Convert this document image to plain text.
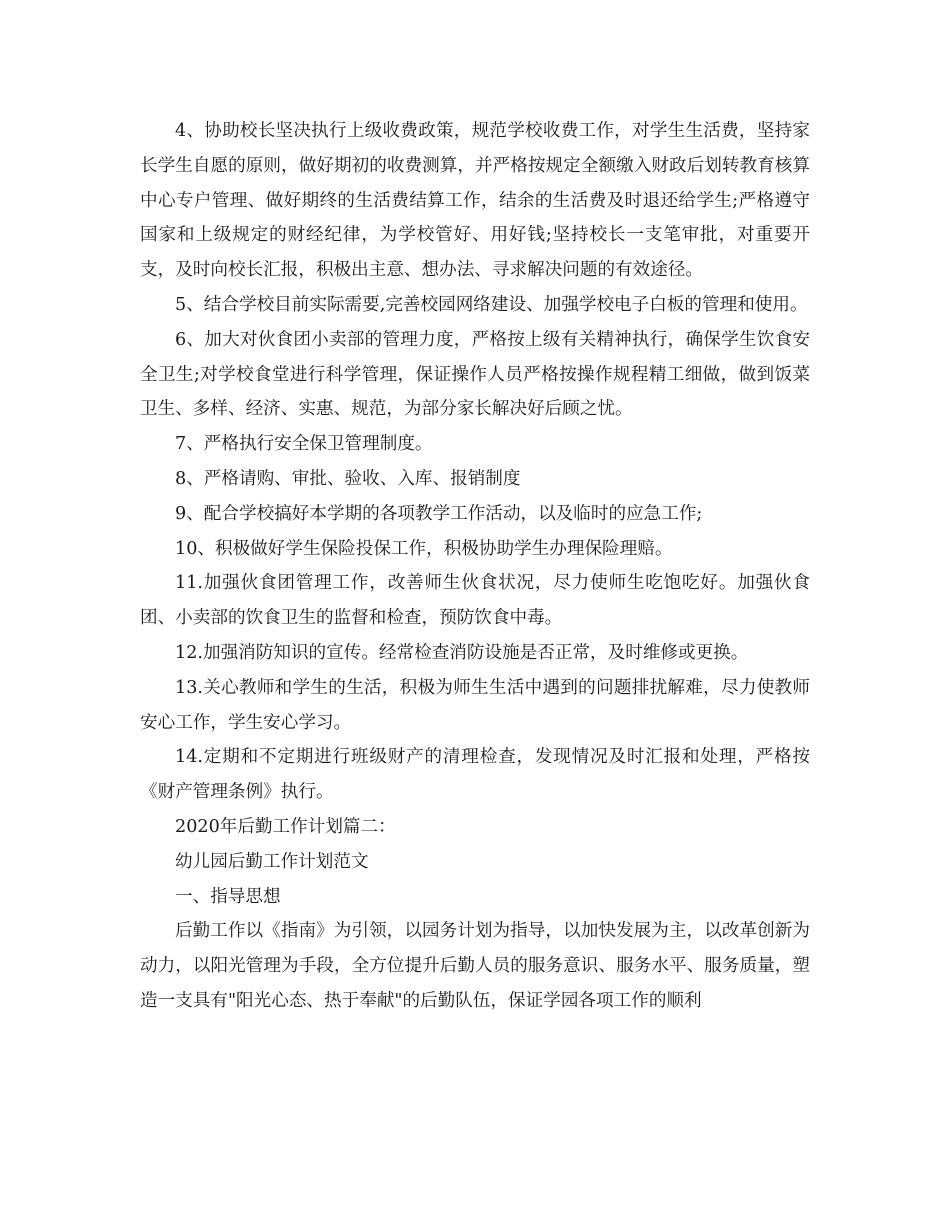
4、协助校长坚决执行上级收费政策，规范学校收费工作，对学生生活费，坚持家长学生自愿的原则，做好期初的收费测算，并严格按规定全额缴入财政后划转教育核算中心专户管理、做好期终的生活费结算工作，结余的生活费及时退还给学生;严格遵守国家和上级规定的财经纪律，为学校管好、用好钱;坚持校长一支笔审批，对重要开支，及时向校长汇报，积极出主意、想办法、寻求解决问题的有效途径。

5、结合学校目前实际需要,完善校园网络建设、加强学校电子白板的管理和使用。

6、加大对伙食团小卖部的管理力度，严格按上级有关精神执行，确保学生饮食安全卫生;对学校食堂进行科学管理，保证操作人员严格按操作规程精工细做，做到饭菜卫生、多样、经济、实惠、规范，为部分家长解决好后顾之忧。

7、严格执行安全保卫管理制度。

8、严格请购、审批、验收、入库、报销制度

9、配合学校搞好本学期的各项教学工作活动，以及临时的应急工作;

10、积极做好学生保险投保工作，积极协助学生办理保险理赔。

11.加强伙食团管理工作，改善师生伙食状况，尽力使师生吃饱吃好。加强伙食团、小卖部的饮食卫生的监督和检查，预防饮食中毒。

12.加强消防知识的宣传。经常检查消防设施是否正常，及时维修或更换。

13.关心教师和学生的生活，积极为师生生活中遇到的问题排扰解难，尽力使教师安心工作，学生安心学习。

14.定期和不定期进行班级财产的清理检查，发现情况及时汇报和处理，严格按《财产管理条例》执行。

2020年后勤工作计划篇二：

幼儿园后勤工作计划范文

一、指导思想

后勤工作以《指南》为引领，以园务计划为指导，以加快发展为主，以改革创新为动力，以阳光管理为手段，全方位提升后勤人员的服务意识、服务水平、服务质量，塑造一支具有"阳光心态、热于奉献"的后勤队伍，保证学园各项工作的顺利
